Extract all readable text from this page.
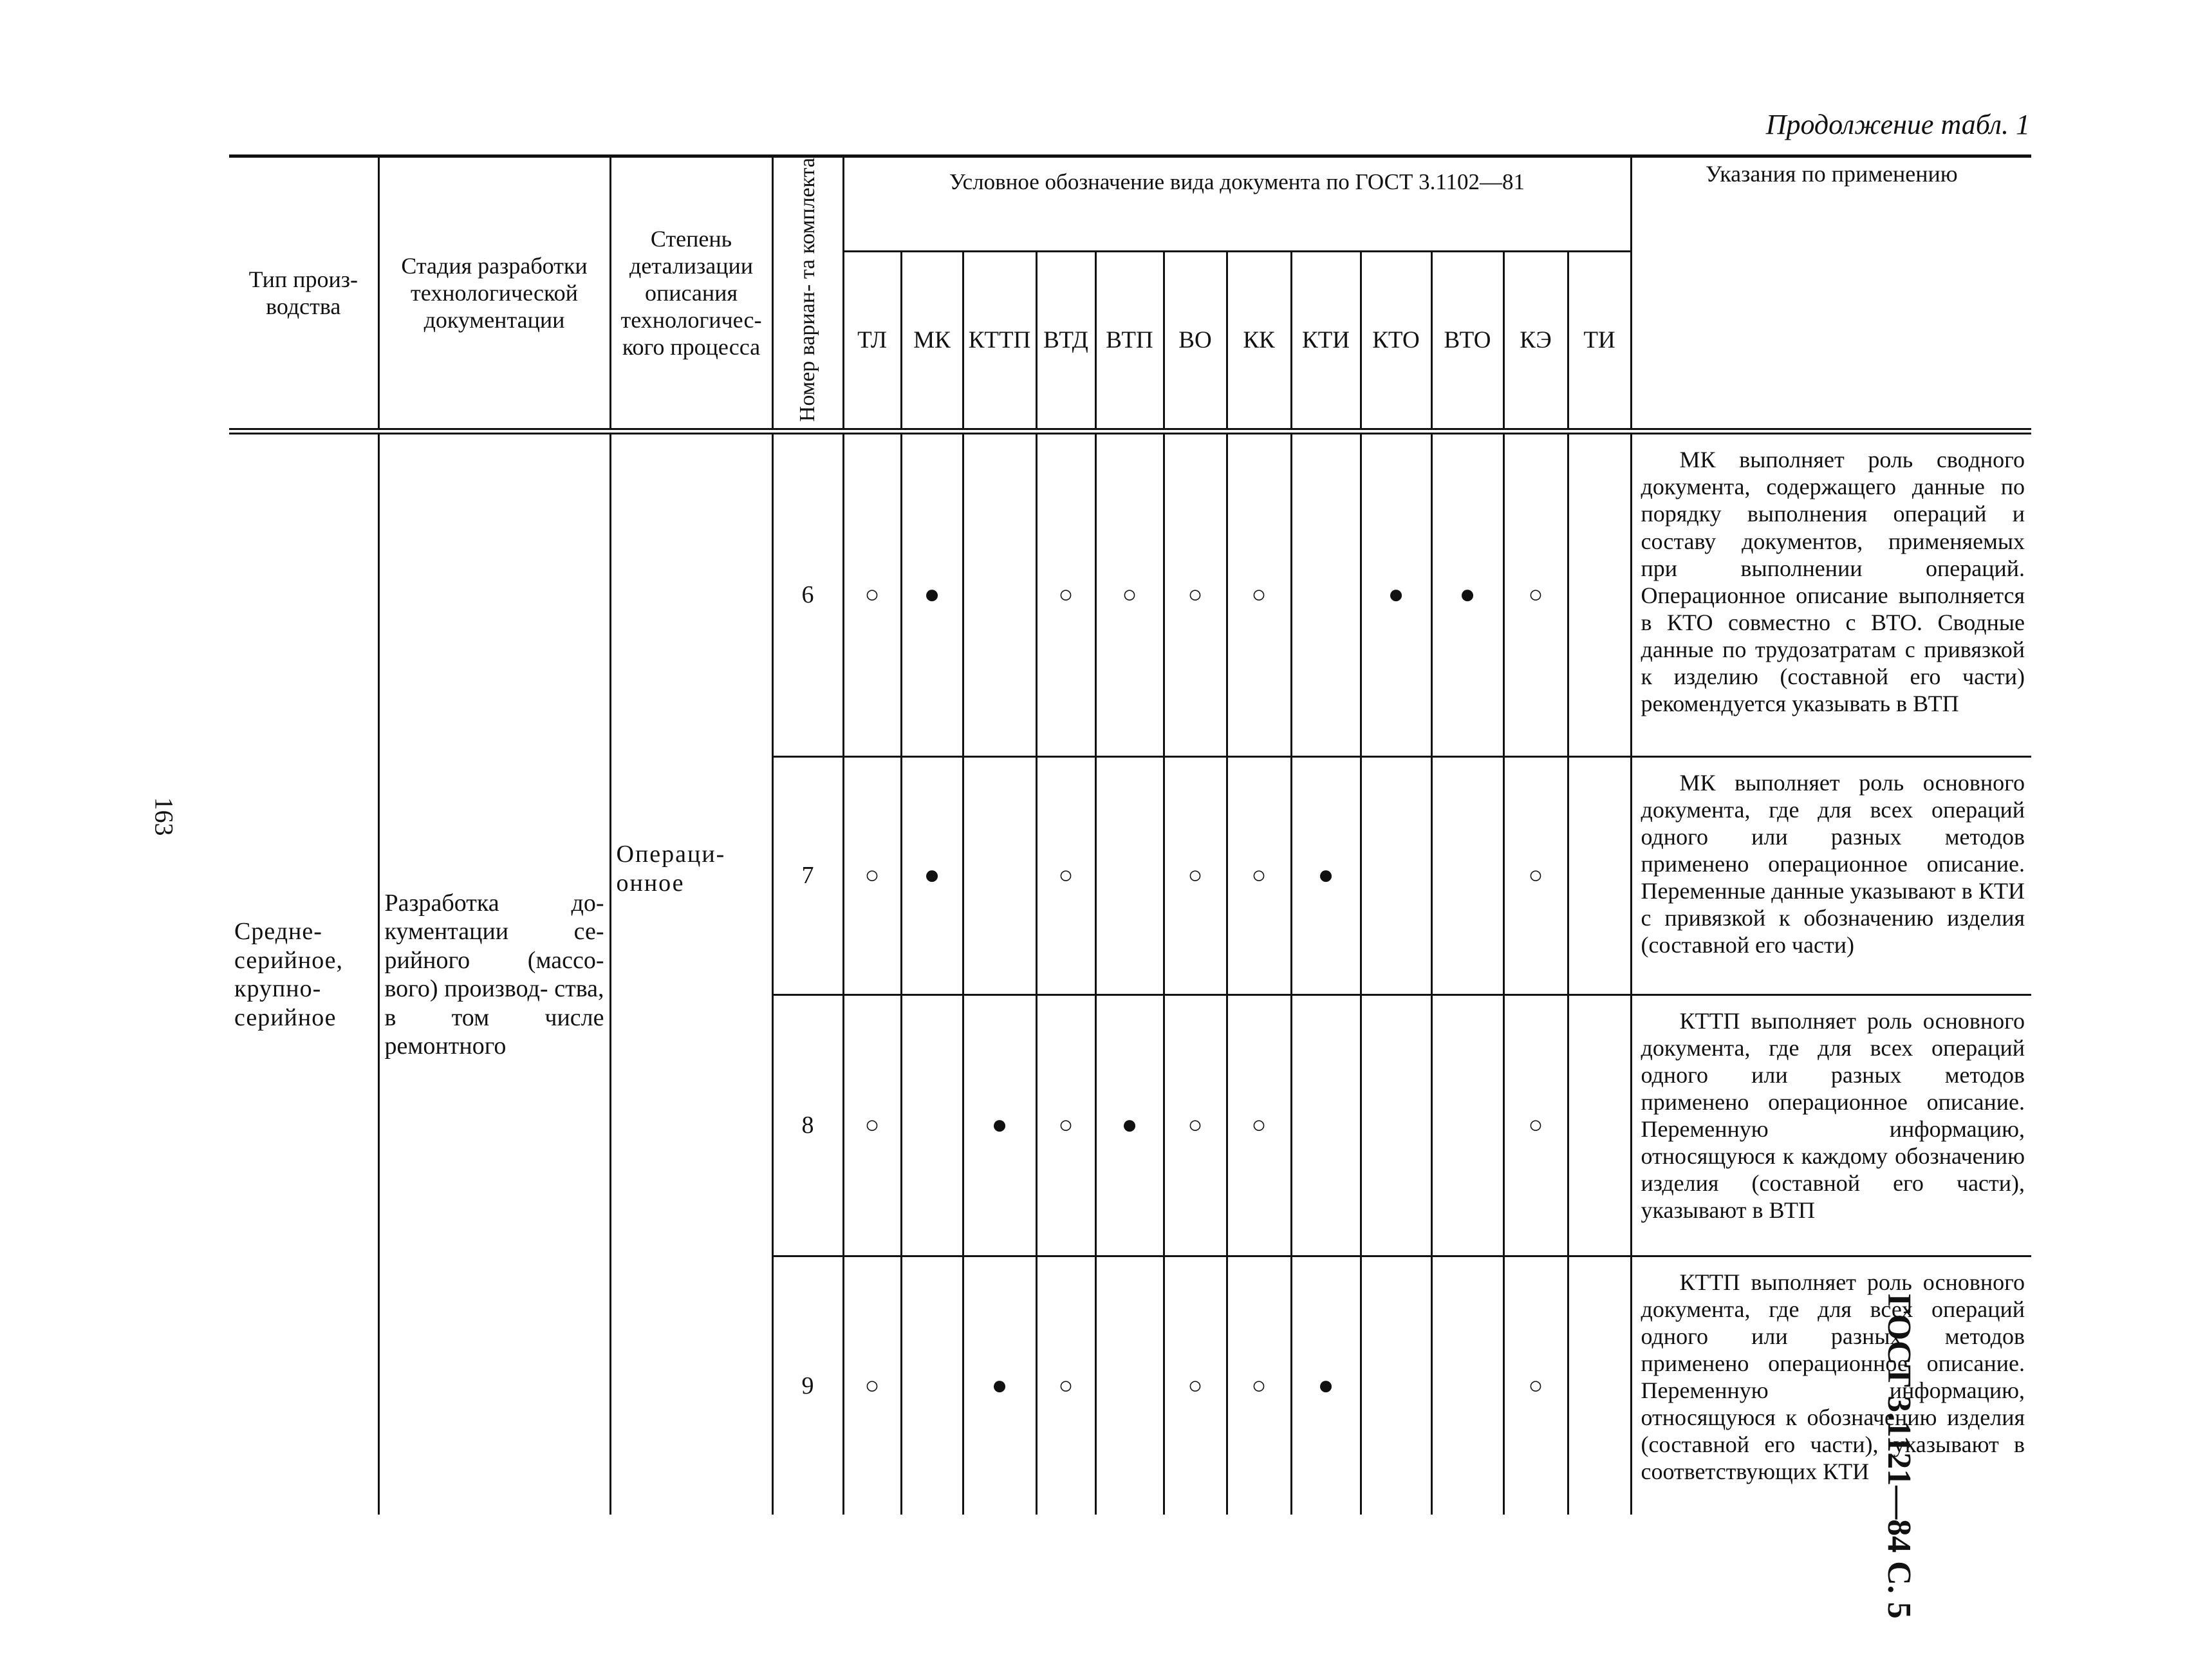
Продолжение табл. 1
163
ГОСТ 3.1121—84 С. 5
Тип произ- водства	Стадия разработки технологической документации	Степень детализации описания технологичес- кого процесса	Номер вариан- та комплекта	Условное обозначение вида документа по ГОСТ 3.1102—81												Указания по применению
				ТЛ	МК	КТТП	ВТД	ВТП	ВО	КК	КТИ	КТО	ВТО	КЭ	ТИ	
Средне- серийное, крупно- серийное	Разработка до- кументации се- рийного (массо- вого) производ- ства, в том числе ремонтного	Операци- онное	6	○	●		○	○	○	○		●	●	○		МК выполняет роль сводного документа, содержащего данные по порядку выполнения операций и составу документов, применяемых при выполнении операций. Операционное описание выполняется в КТО совместно с ВТО. Сводные данные по трудозатратам с привязкой к изделию (составной его части) рекомендуется указывать в ВТП

			7	○	●		○		○	○	●			○		МК выполняет роль основного документа, где для всех операций одного или разных методов применено операционное описание. Переменные данные указывают в КТИ с привязкой к обозначению изделия (составной его части)

			8	○		●	○	●	○	○				○		КТТП выполняет роль основного документа, где для всех операций одного или разных методов применено операционное описание. Переменную информацию, относящуюся к каждому обозначению изделия (составной его части), указывают в ВТП

			9	○		●	○		○	○	●			○		КТТП выполняет роль основного документа, где для всех операций одного или разных методов применено операционное описание. Переменную информацию, относящуюся к обозначению изделия (составной его части), указывают в соответствующих КТИ
